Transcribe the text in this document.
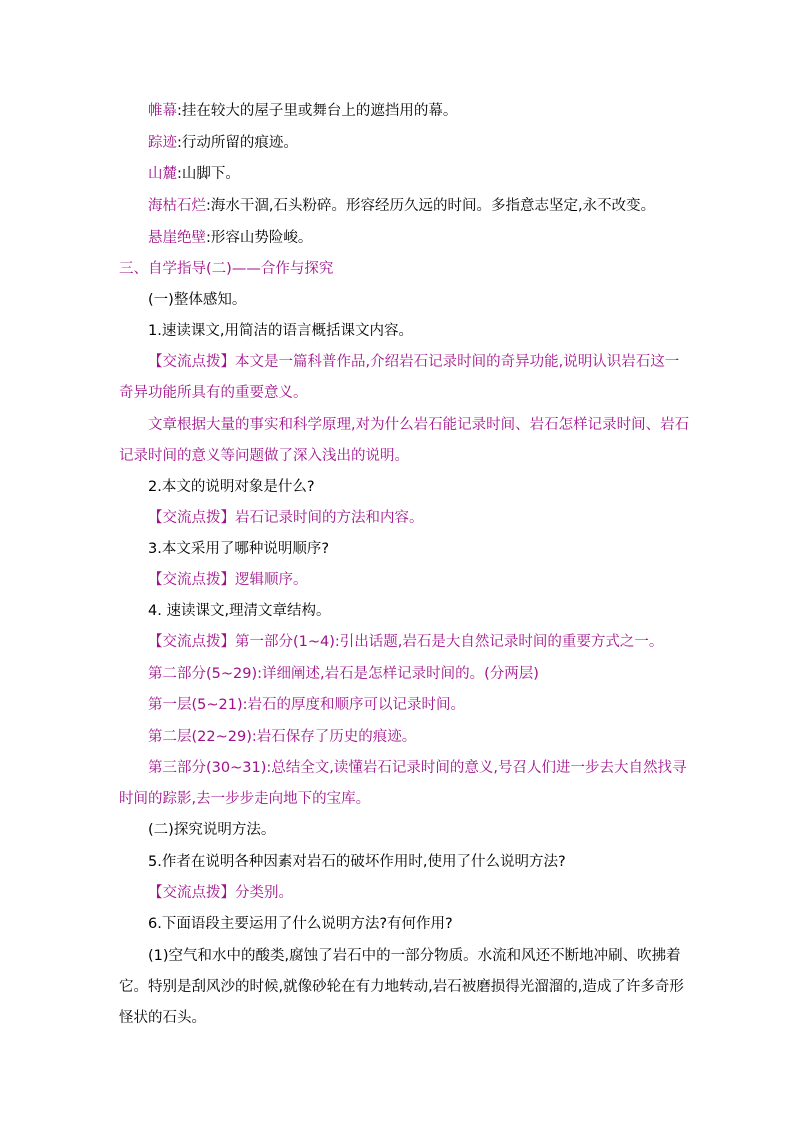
帷幕:挂在较大的屋子里或舞台上的遮挡用的幕。
踪迹:行动所留的痕迹。
山麓:山脚下。
海枯石烂:海水干涸,石头粉碎。形容经历久远的时间。多指意志坚定,永不改变。
悬崖绝壁:形容山势险峻。
三、自学指导(二)——合作与探究
(一)整体感知。
1.速读课文,用简洁的语言概括课文内容。
【交流点拨】本文是一篇科普作品,介绍岩石记录时间的奇异功能,说明认识岩石这一
奇异功能所具有的重要意义。
文章根据大量的事实和科学原理,对为什么岩石能记录时间、岩石怎样记录时间、岩石
记录时间的意义等问题做了深入浅出的说明。
2.本文的说明对象是什么?
【交流点拨】岩石记录时间的方法和内容。
3.本文采用了哪种说明顺序?
【交流点拨】逻辑顺序。
4. 速读课文,理清文章结构。
【交流点拨】第一部分(1~4):引出话题,岩石是大自然记录时间的重要方式之一。
第二部分(5~29):详细阐述,岩石是怎样记录时间的。(分两层)
第一层(5~21):岩石的厚度和顺序可以记录时间。
第二层(22~29):岩石保存了历史的痕迹。
第三部分(30~31):总结全文,读懂岩石记录时间的意义,号召人们进一步去大自然找寻
时间的踪影,去一步步走向地下的宝库。
(二)探究说明方法。
5.作者在说明各种因素对岩石的破坏作用时,使用了什么说明方法?
【交流点拨】分类别。
6.下面语段主要运用了什么说明方法?有何作用?
(1)空气和水中的酸类,腐蚀了岩石中的一部分物质。水流和风还不断地冲刷、吹拂着
它。特别是刮风沙的时候,就像砂轮在有力地转动,岩石被磨损得光溜溜的,造成了许多奇形
怪状的石头。
